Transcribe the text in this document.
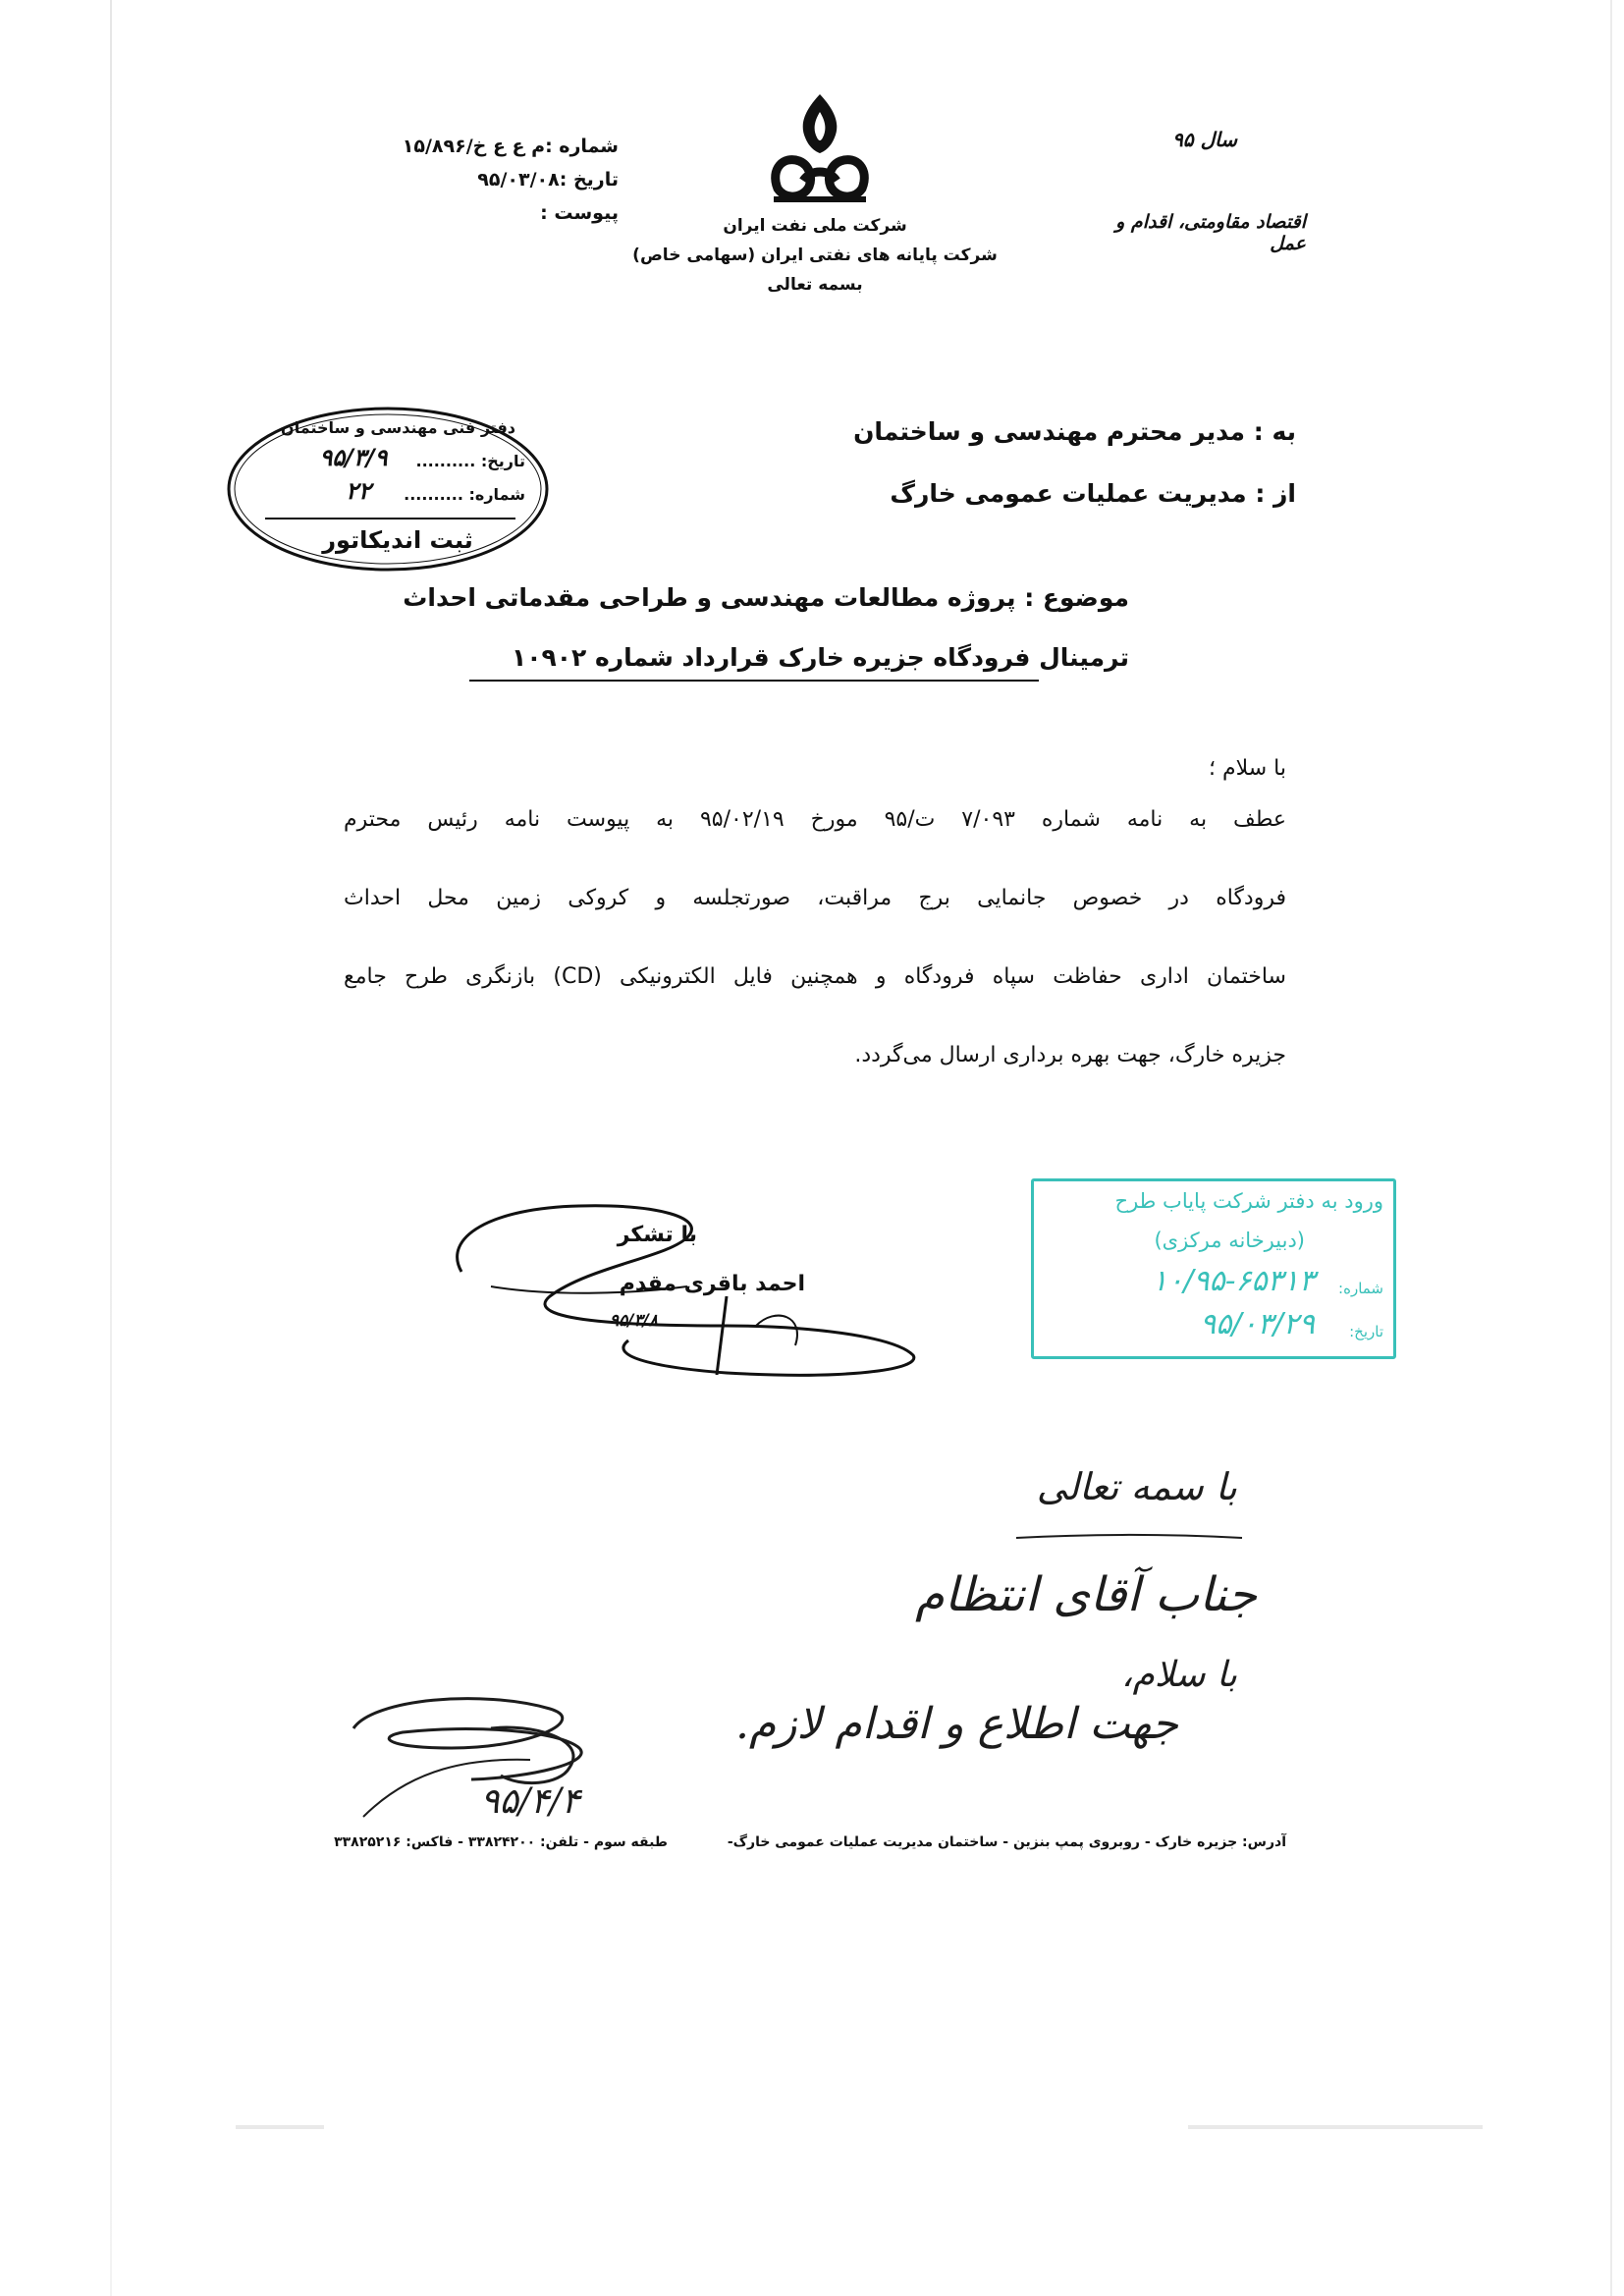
شماره :م ع ع خ/۱۵/۸۹۶
تاریخ :۹۵/۰۳/۰۸
پیوست :
شرکت ملی نفت ایران
شرکت پایانه های نفتی ایران (سهامی خاص)
بسمه تعالی
سال ۹۵
اقتصاد مقاومتی، اقدام و عمل
دفتر فنی مهندسی و ساختمان
تاریخ: ..........
۹۵/۳/۹
شماره: ..........
۲۲
ثبت اندیکاتور
به : مدیر محترم مهندسی و ساختمان
از : مدیریت عملیات عمومی خارگ
موضوع : پروژه مطالعات مهندسی و طراحی مقدماتی احداث
ترمینال فرودگاه جزیره خارک قرارداد شماره ۱۰۹۰۲
با سلام ؛
عطف به نامه شماره ۷/۰۹۳ ت/۹۵ مورخ ۹۵/۰۲/۱۹ به پیوست نامه رئیس محترم
فرودگاه در خصوص جانمایی برج مراقبت، صورتجلسه و کروکی زمین محل احداث
ساختمان اداری حفاظت سپاه فرودگاه و همچنین فایل الکترونیکی (CD) بازنگری طرح جامع
جزیره خارگ، جهت بهره برداری ارسال می‌گردد.
با تشکر
احمد باقری مقدم
۹۵/۳/۸
ورود به دفتر شرکت پایاب طرح
(دبیرخانه مرکزی)
شماره:
۱۰/۹۵-۶۵۳۱۳
تاریخ:
۹۵/۰۳/۲۹
با سمه تعالی
جناب آقای انتظام
با سلام،
جهت اطلاع و اقدام لازم.
۹۵/۴/۴
طبقه سوم - تلفن: ۳۳۸۲۴۲۰۰ - فاکس: ۳۳۸۲۵۲۱۶	آدرس: جزیره خارک - روبروی پمپ بنزین - ساختمان مدیریت عملیات عمومی خارگ-
